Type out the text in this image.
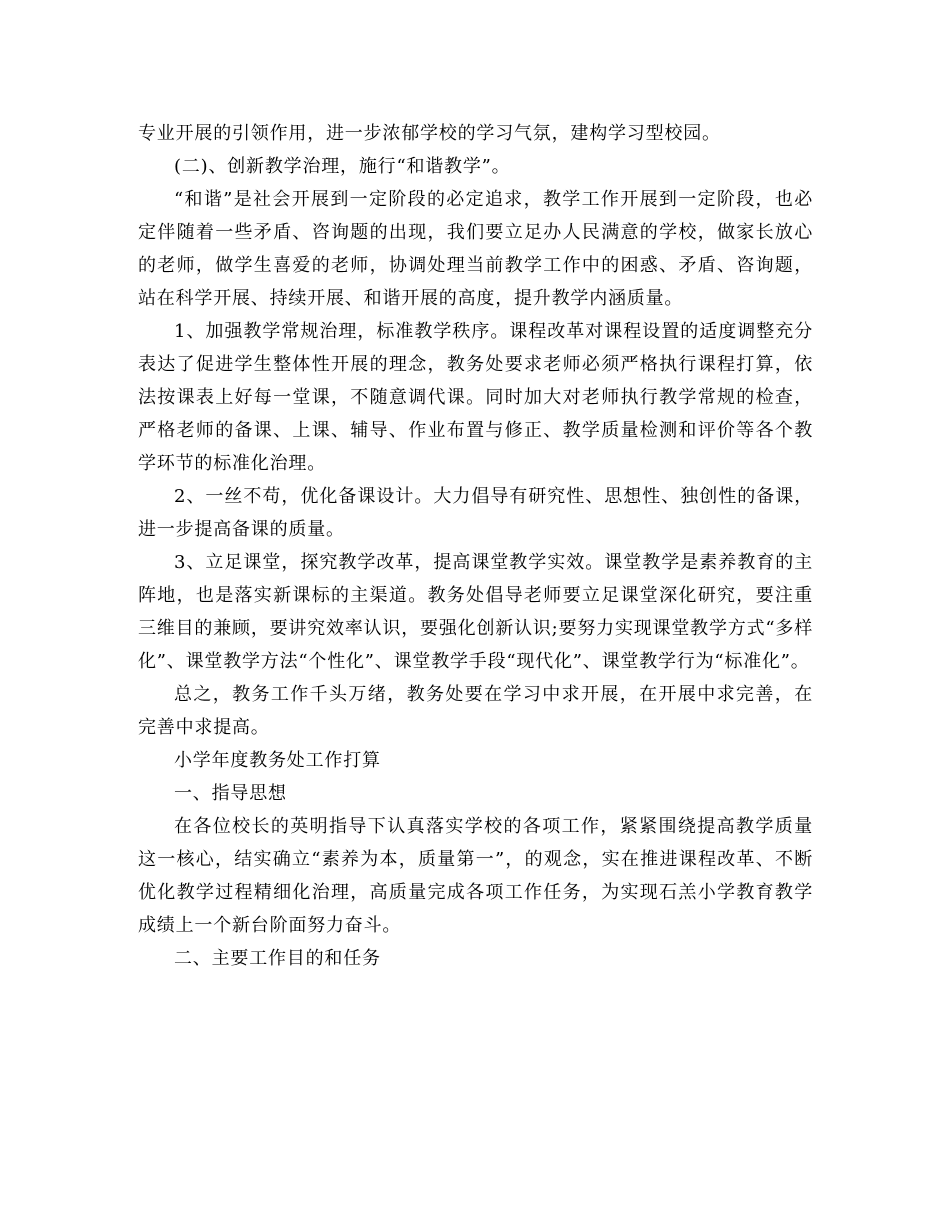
专业开展的引领作用，进一步浓郁学校的学习气氛，建构学习型校园。

(二)、创新教学治理，施行“和谐教学”。

“和谐”是社会开展到一定阶段的必定追求，教学工作开展到一定阶段，也必定伴随着一些矛盾、咨询题的出现，我们要立足办人民满意的学校，做家长放心的老师，做学生喜爱的老师，协调处理当前教学工作中的困惑、矛盾、咨询题，站在科学开展、持续开展、和谐开展的高度，提升教学内涵质量。

1、加强教学常规治理，标准教学秩序。课程改革对课程设置的适度调整充分表达了促进学生整体性开展的理念，教务处要求老师必须严格执行课程打算，依法按课表上好每一堂课，不随意调代课。同时加大对老师执行教学常规的检查，严格老师的备课、上课、辅导、作业布置与修正、教学质量检测和评价等各个教学环节的标准化治理。

2、一丝不苟，优化备课设计。大力倡导有研究性、思想性、独创性的备课，进一步提高备课的质量。

3、立足课堂，探究教学改革，提高课堂教学实效。课堂教学是素养教育的主阵地，也是落实新课标的主渠道。教务处倡导老师要立足课堂深化研究，要注重三维目的兼顾，要讲究效率认识，要强化创新认识;要努力实现课堂教学方式“多样化”、课堂教学方法“个性化”、课堂教学手段“现代化”、课堂教学行为“标准化”。

总之，教务工作千头万绪，教务处要在学习中求开展，在开展中求完善，在完善中求提高。

小学年度教务处工作打算

一、指导思想

在各位校长的英明指导下认真落实学校的各项工作，紧紧围绕提高教学质量这一核心，结实确立“素养为本，质量第一”，的观念，实在推进课程改革、不断优化教学过程精细化治理，高质量完成各项工作任务，为实现石羔小学教育教学成绩上一个新台阶面努力奋斗。

二、主要工作目的和任务
